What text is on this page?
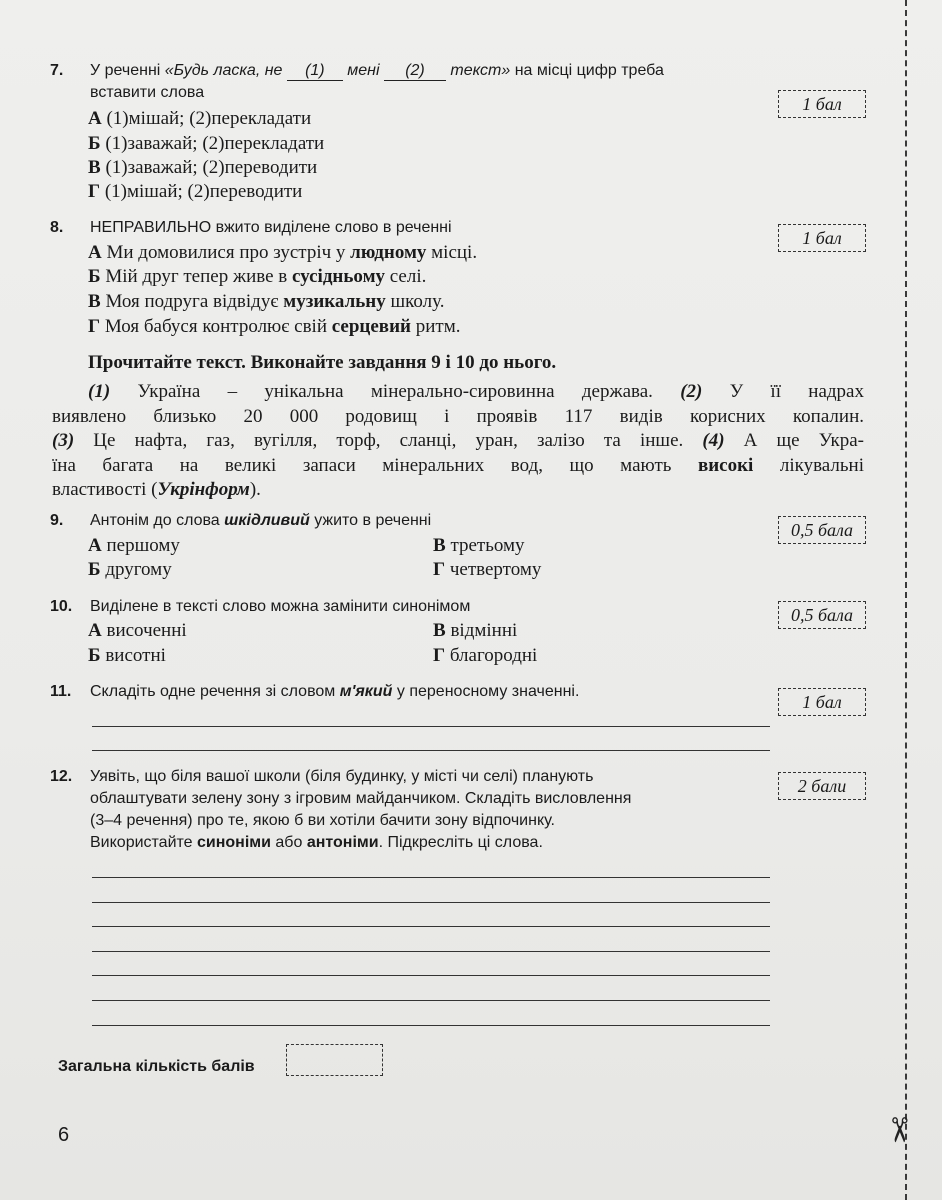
✂
7. У реченні «Будь ласка, не (1) мені (2) текст» на місці цифр треба
вставити слова
1 бал
А (1)мішай; (2)перекладати
Б (1)заважай; (2)перекладати
В (1)заважай; (2)переводити
Г (1)мішай; (2)переводити
8. НЕПРАВИЛЬНО вжито виділене слово в реченні	1 бал
А Ми домовилися про зустріч у людному місці.
Б Мій друг тепер живе в сусідньому селі.
В Моя подруга відвідує музикальну школу.
Г Моя бабуся контролює свій серцевий ритм.
Прочитайте текст. Виконайте завдання 9 і 10 до нього.
(1) Україна – унікальна мінерально-сировинна держава. (2) У її надрах
виявлено близько 20 000 родовищ і проявів 117 видів корисних копалин.
(3) Це нафта, газ, вугілля, торф, сланці, уран, залізо та інше. (4) А ще Укра-
їна багата на великі запаси мінеральних вод, що мають високі лікувальні
властивості (Укрінформ).
9. Антонім до слова шкідливий ужито в реченні	0,5 бала
А першому
Б другому
В третьому
Г четвертому
10. Виділене в тексті слово можна замінити синонімом	0,5 бала
А височенні
Б висотні
В відмінні
Г благородні
11. Складіть одне речення зі словом м'який у переносному значенні.	1 бал
12. Уявіть, що біля вашої школи (біля будинку, у місті чи селі) планують
облаштувати зелену зону з ігровим майданчиком. Складіть висловлення
(3–4 речення) про те, якою б ви хотіли бачити зону відпочинку.
Використайте синоніми або антоніми. Підкресліть ці слова.
2 бали
Загальна кількість балів
6
